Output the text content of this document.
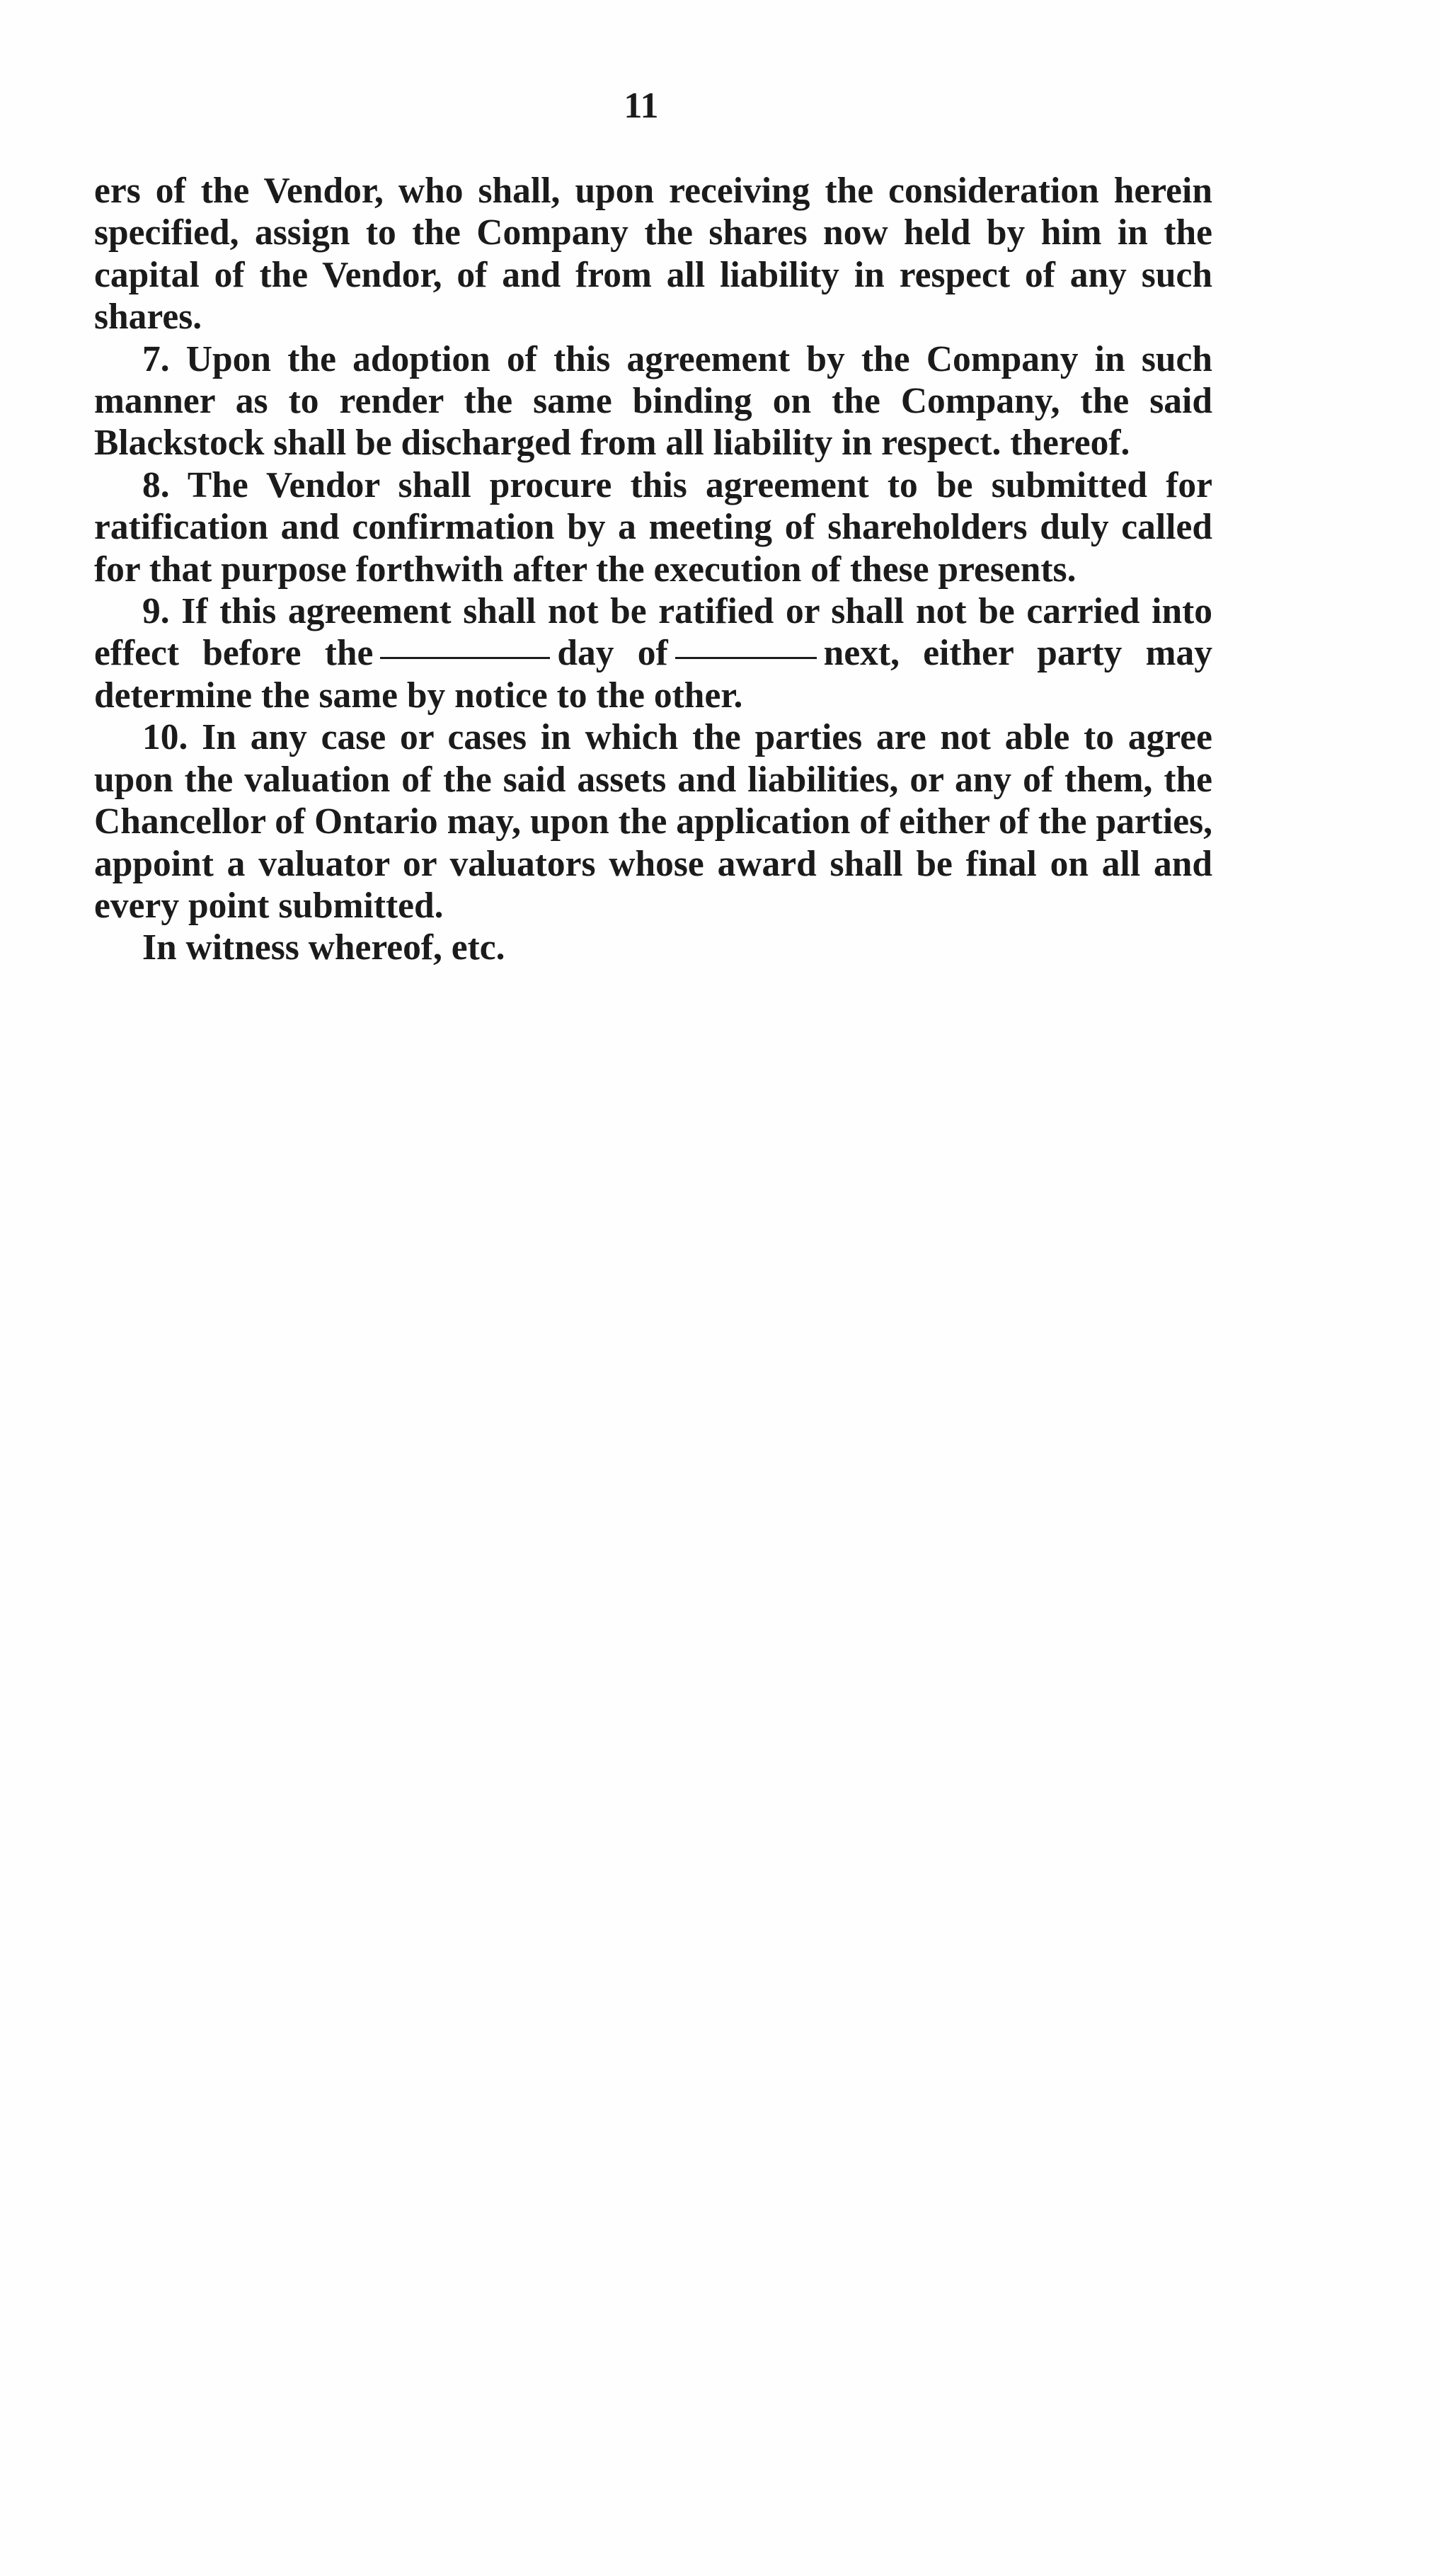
11

ers of the Vendor, who shall, upon receiving the consideration herein specified, assign to the Company the shares now held by him in the capital of the Vendor, of and from all liability in respect of any such shares.

7. Upon the adoption of this agreement by the Company in such manner as to render the same binding on the Company, the said Blackstock shall be discharged from all liability in respect. thereof.

8. The Vendor shall procure this agreement to be submitted for ratification and confirmation by a meeting of shareholders duly called for that purpose forthwith after the execution of these presents.

9. If this agreement shall not be ratified or shall not be carried into effect before the	day of	next, either party may determine the same by notice to the other.

10. In any case or cases in which the parties are not able to agree upon the valuation of the said assets and liabilities, or any of them, the Chancellor of Ontario may, upon the application of either of the parties, appoint a valuator or valuators whose award shall be final on all and every point submitted.

In witness whereof, etc.
